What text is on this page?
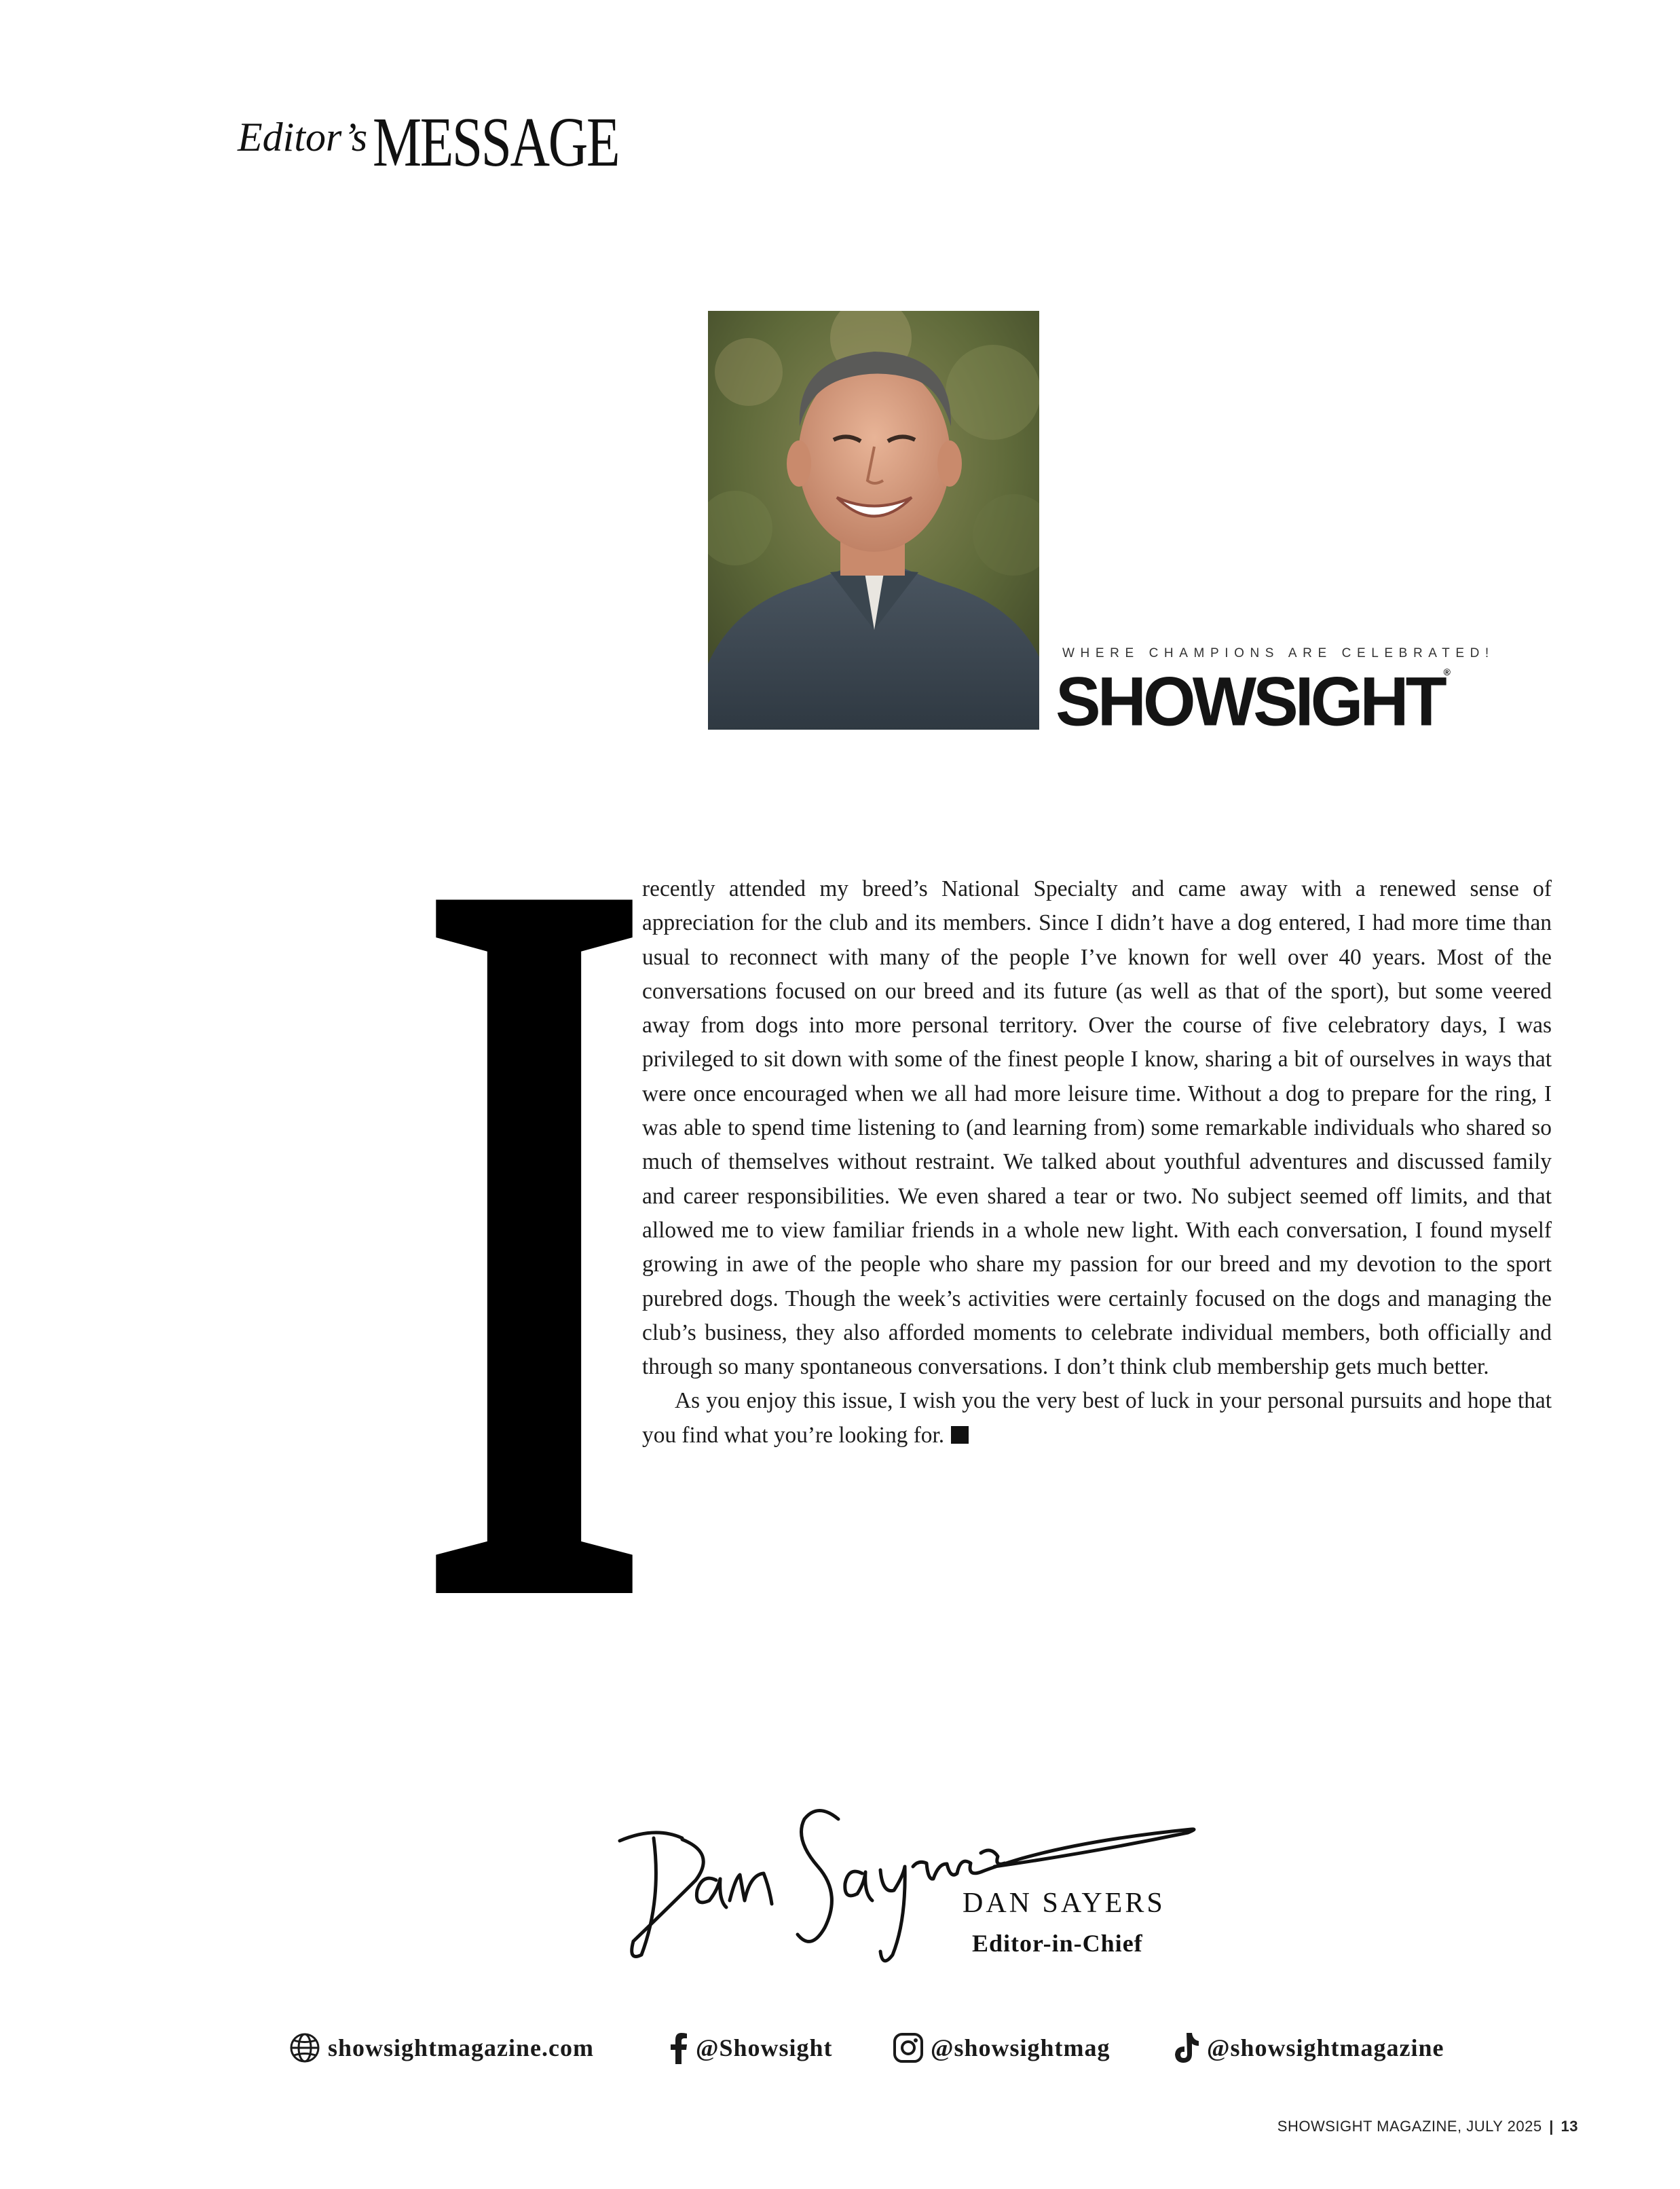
Editor’s MESSAGE
WHERE CHAMPIONS ARE CELEBRATED!
SHOWSIGHT®
I

recently attended my breed’s National Specialty and came away with a renewed sense of appreciation for the club and its members. Since I didn’t have a dog entered, I had more time than usual to reconnect with many of the people I’ve known for well over 40 years. Most of the conversations focused on our breed and its future (as well as that of the sport), but some veered away from dogs into more personal territory. Over the course of five celebratory days, I was privileged to sit down with some of the finest people I know, sharing a bit of ourselves in ways that were once encouraged when we all had more leisure time. Without a dog to prepare for the ring, I was able to spend time listening to (and learning from) some remarkable individuals who shared so much of themselves without restraint. We talked about youthful adventures and discussed family and career responsibilities. We even shared a tear or two. No subject seemed off limits, and that allowed me to view familiar friends in a whole new light. With each conversation, I found myself growing in awe of the people who share my passion for our breed and my devotion to the sport purebred dogs. Though the week’s activities were certainly focused on the dogs and managing the club’s business, they also afforded moments to celebrate individual members, both officially and through so many spontaneous conversations. I don’t think club membership gets much better.

As you enjoy this issue, I wish you the very best of luck in your personal pursuits and hope that you find what you’re looking for.

DAN SAYERS
Editor-in-Chief
showsightmagazine.com	@Showsight	@showsightmag	@showsightmagazine
SHOWSIGHT MAGAZINE, JULY 2025 | 13
